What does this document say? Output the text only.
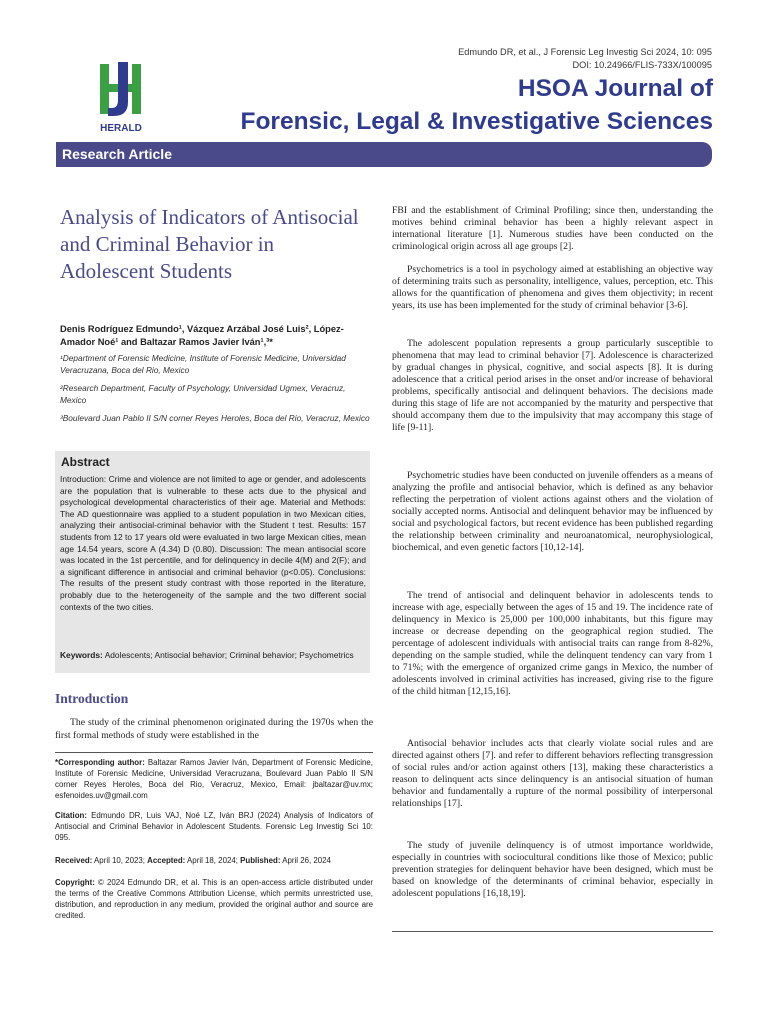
Edmundo DR, et al., J Forensic Leg Investig Sci 2024, 10: 095
DOI: 10.24966/FLIS-733X/100095
HERALD
HSOA Journal of
Forensic, Legal & Investigative Sciences
Research Article
Analysis of Indicators of Antisocial and Criminal Behavior in Adolescent Students
Denis Rodríguez Edmundo¹, Vázquez Arzábal José Luis², López-Amador Noé¹ and Baltazar Ramos Javier Iván¹,³*
¹Department of Forensic Medicine, Institute of Forensic Medicine, Universidad Veracruzana, Boca del Rio, Mexico
²Research Department, Faculty of Psychology, Universidad Ugmex, Veracruz, Mexico
³Boulevard Juan Pablo II S/N corner Reyes Heroles, Boca del Rio, Veracruz, Mexico
Abstract
Introduction: Crime and violence are not limited to age or gender, and adolescents are the population that is vulnerable to these acts due to the physical and psychological developmental characteristics of their age. Material and Methods: The AD questionnaire was applied to a student population in two Mexican cities, analyzing their antisocial-criminal behavior with the Student t test. Results: 157 students from 12 to 17 years old were evaluated in two large Mexican cities, mean age 14.54 years, score A (4.34) D (0.80). Discussion: The mean antisocial score was located in the 1st percentile, and for delinquency in decile 4(M) and 2(F); and a significant difference in antisocial and criminal behavior (p<0.05). Conclusions: The results of the present study contrast with those reported in the literature, probably due to the heterogeneity of the sample and the two different social contexts of the two cities.
Keywords: Adolescents; Antisocial behavior; Criminal behavior; Psychometrics
Introduction
The study of the criminal phenomenon originated during the 1970s when the first formal methods of study were established in the
*Corresponding author: Baltazar Ramos Javier Iván, Department of Forensic Medicine, Institute of Forensic Medicine, Universidad Veracruzana, Boulevard Juan Pablo II S/N corner Reyes Heroles, Boca del Rio, Veracruz, Mexico, Email: jbaltazar@uv.mx; esfenoides.uv@gmail.com
Citation: Edmundo DR, Luis VAJ, Noé LZ, Iván BRJ (2024) Analysis of Indicators of Antisocial and Criminal Behavior in Adolescent Students. Forensic Leg Investig Sci 10: 095.
Received: April 10, 2023; Accepted: April 18, 2024; Published: April 26, 2024
Copyright: © 2024 Edmundo DR, et al. This is an open-access article distributed under the terms of the Creative Commons Attribution License, which permits unrestricted use, distribution, and reproduction in any medium, provided the original author and source are credited.
FBI and the establishment of Criminal Profiling; since then, understanding the motives behind criminal behavior has been a highly relevant aspect in international literature [1]. Numerous studies have been conducted on the criminological origin across all age groups [2].
Psychometrics is a tool in psychology aimed at establishing an objective way of determining traits such as personality, intelligence, values, perception, etc. This allows for the quantification of phenomena and gives them objectivity; in recent years, its use has been implemented for the study of criminal behavior [3-6].
The adolescent population represents a group particularly susceptible to phenomena that may lead to criminal behavior [7]. Adolescence is characterized by gradual changes in physical, cognitive, and social aspects [8]. It is during adolescence that a critical period arises in the onset and/or increase of behavioral problems, specifically antisocial and delinquent behaviors. The decisions made during this stage of life are not accompanied by the maturity and perspective that should accompany them due to the impulsivity that may accompany this stage of life [9-11].
Psychometric studies have been conducted on juvenile offenders as a means of analyzing the profile and antisocial behavior, which is defined as any behavior reflecting the perpetration of violent actions against others and the violation of socially accepted norms. Antisocial and delinquent behavior may be influenced by social and psychological factors, but recent evidence has been published regarding the relationship between criminality and neuroanatomical, neurophysiological, biochemical, and even genetic factors [10,12-14].
The trend of antisocial and delinquent behavior in adolescents tends to increase with age, especially between the ages of 15 and 19. The incidence rate of delinquency in Mexico is 25,000 per 100,000 inhabitants, but this figure may increase or decrease depending on the geographical region studied. The percentage of adolescent individuals with antisocial traits can range from 8-82%, depending on the sample studied, while the delinquent tendency can vary from 1 to 71%; with the emergence of organized crime gangs in Mexico, the number of adolescents involved in criminal activities has increased, giving rise to the figure of the child hitman [12,15,16].
Antisocial behavior includes acts that clearly violate social rules and are directed against others [7]. and refer to different behaviors reflecting transgression of social rules and/or action against others [13], making these characteristics a reason to delinquent acts since delinquency is an antisocial situation of human behavior and fundamentally a rupture of the normal possibility of interpersonal relationships [17].
The study of juvenile delinquency is of utmost importance worldwide, especially in countries with sociocultural conditions like those of Mexico; public prevention strategies for delinquent behavior have been designed, which must be based on knowledge of the determinants of criminal behavior, especially in adolescent populations [16,18,19].
